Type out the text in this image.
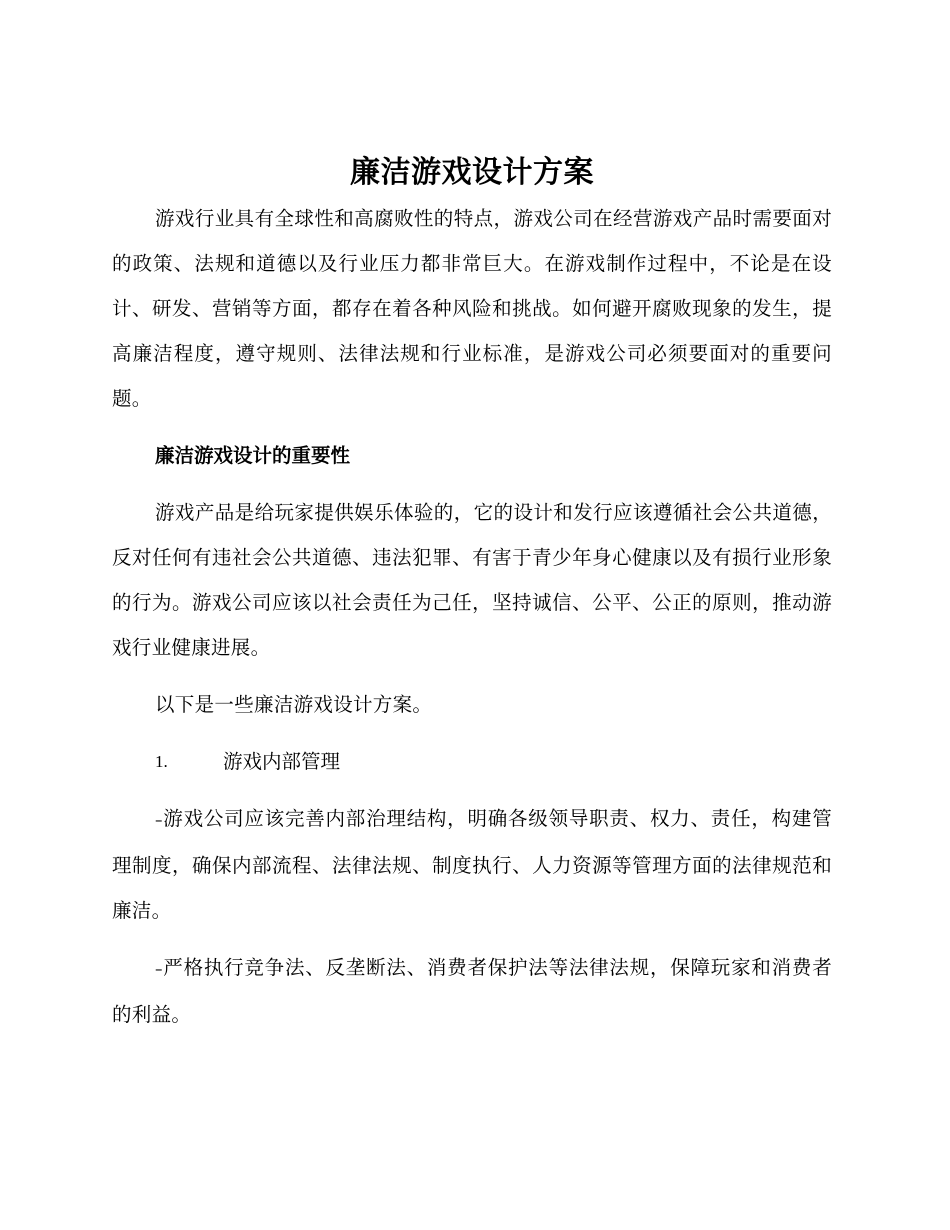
廉洁游戏设计方案

游戏行业具有全球性和高腐败性的特点，游戏公司在经营游戏产品时需要面对的政策、法规和道德以及行业压力都非常巨大。在游戏制作过程中，不论是在设计、研发、营销等方面，都存在着各种风险和挑战。如何避开腐败现象的发生，提高廉洁程度，遵守规则、法律法规和行业标准，是游戏公司必须要面对的重要问题。

廉洁游戏设计的重要性

游戏产品是给玩家提供娱乐体验的，它的设计和发行应该遵循社会公共道德，反对任何有违社会公共道德、违法犯罪、有害于青少年身心健康以及有损行业形象的行为。游戏公司应该以社会责任为己任，坚持诚信、公平、公正的原则，推动游戏行业健康进展。

以下是一些廉洁游戏设计方案。

1.	游戏内部管理

–游戏公司应该完善内部治理结构，明确各级领导职责、权力、责任，构建管理制度，确保内部流程、法律法规、制度执行、人力资源等管理方面的法律规范和廉洁。

–严格执行竞争法、反垄断法、消费者保护法等法律法规，保障玩家和消费者的利益。
